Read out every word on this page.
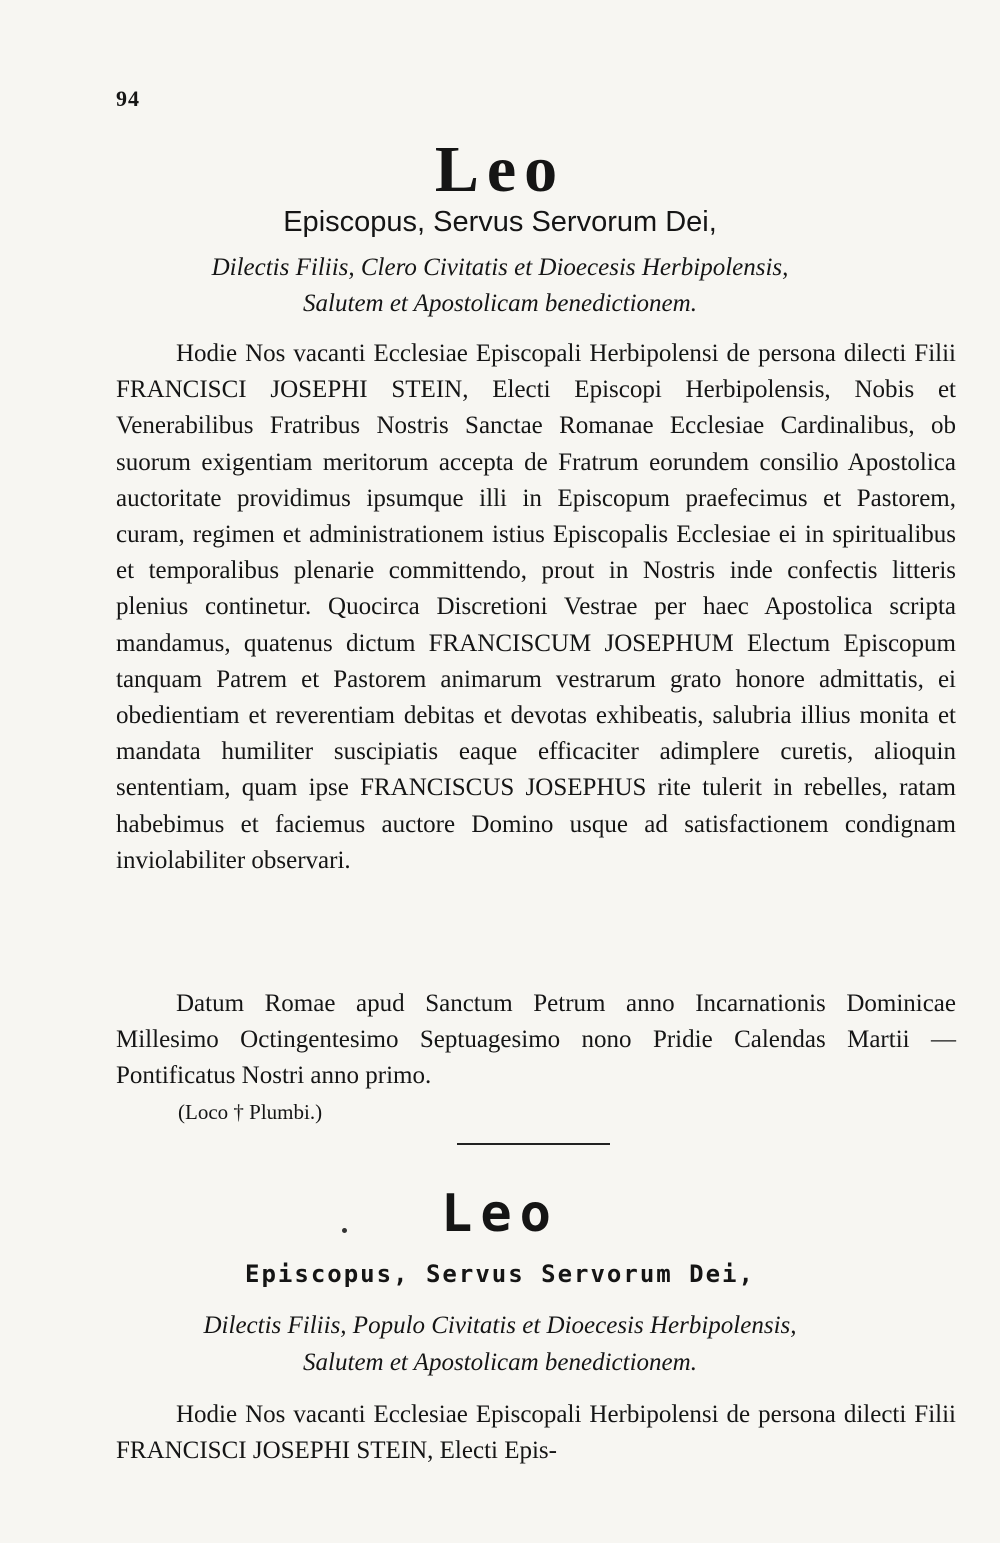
94
Leo
Episcopus, Servus Servorum Dei,
Dilectis Filiis, Clero Civitatis et Dioecesis Herbipolensis,
Salutem et Apostolicam benedictionem.
Hodie Nos vacanti Ecclesiae Episcopali Herbipolensi de persona dilecti Filii FRANCISCI JOSEPHI STEIN, Electi Episcopi Herbipolensis, Nobis et Venerabilibus Fratribus Nostris Sanctae Romanae Ecclesiae Cardinalibus, ob suorum exigentiam meritorum accepta de Fratrum eorundem consilio Apostolica auctoritate providimus ipsumque illi in Episcopum praefecimus et Pastorem, curam, regimen et administrationem istius Episcopalis Ecclesiae ei in spiritualibus et temporalibus plenarie committendo, prout in Nostris inde confectis litteris plenius continetur. Quocirca Discretioni Vestrae per haec Apostolica scripta mandamus, quatenus dictum FRANCISCUM JOSEPHUM Electum Episcopum tanquam Patrem et Pastorem animarum vestrarum grato honore admittatis, ei obedientiam et reverentiam debitas et devotas exhibeatis, salubria illius monita et mandata humiliter suscipiatis eaque efficaciter adimplere curetis, alioquin sententiam, quam ipse FRANCISCUS JOSEPHUS rite tulerit in rebelles, ratam habebimus et faciemus auctore Domino usque ad satisfactionem condignam inviolabiliter observari.
Datum Romae apud Sanctum Petrum anno Incarnationis Dominicae Millesimo Octingentesimo Septuagesimo nono Pridie Calendas Martii — Pontificatus Nostri anno primo.
(Loco † Plumbi.)
Leo
Episcopus, Servus Servorum Dei,
Dilectis Filiis, Populo Civitatis et Dioecesis Herbipolensis,
Salutem et Apostolicam benedictionem.
Hodie Nos vacanti Ecclesiae Episcopali Herbipolensi de persona dilecti Filii FRANCISCI JOSEPHI STEIN, Electi Epis-
